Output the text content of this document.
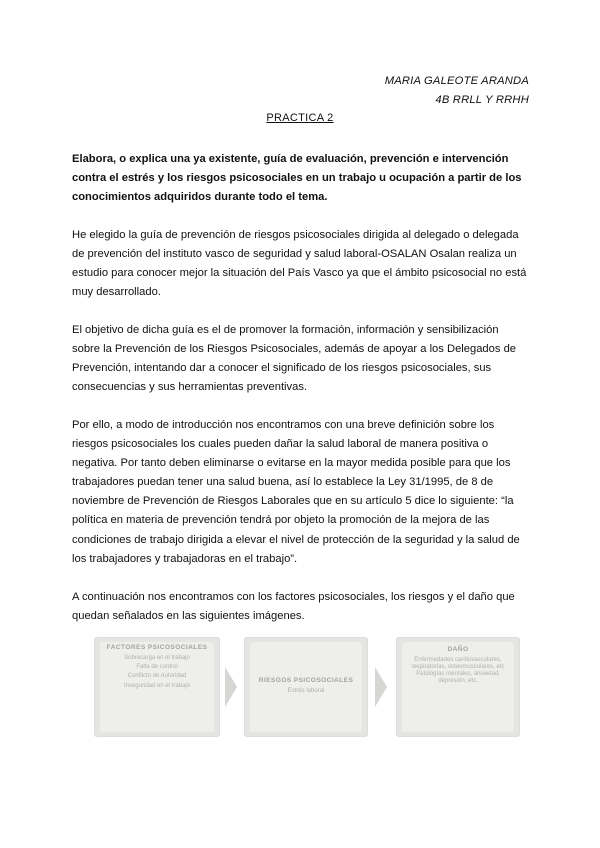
MARIA GALEOTE ARANDA
4B RRLL Y RRHH
PRACTICA 2

Elabora, o explica una ya existente, guía de evaluación, prevención e intervención contra el estrés y los riesgos psicosociales en un trabajo u ocupación a partir de los conocimientos adquiridos durante todo el tema.

He elegido la guía de prevención de riesgos psicosociales dirigida al delegado o delegada de prevención del instituto vasco de seguridad y salud laboral-OSALAN Osalan realiza un estudio para conocer mejor la situación del País Vasco ya que el ámbito psicosocial no está muy desarrollado.

El objetivo de dicha guía es el de promover la formación, información y sensibilización sobre la Prevención de los Riesgos Psicosociales, además de apoyar a los Delegados de Prevención, intentando dar a conocer el significado de los riesgos psicosociales, sus consecuencias y sus herramientas preventivas.

Por ello, a modo de introducción nos encontramos con una breve definición sobre los riesgos psicosociales los cuales pueden dañar la salud laboral de manera positiva o negativa. Por tanto deben eliminarse o evitarse en la mayor medida posible para que los trabajadores puedan tener una salud buena, así lo establece la Ley 31/1995, de 8 de noviembre de Prevención de Riesgos Laborales que en su artículo 5 dice lo siguiente: “la política en materia de prevención tendrá por objeto la promoción de la mejora de las condiciones de trabajo dirigida a elevar el nivel de protección de la seguridad y la salud de los trabajadores y trabajadoras en el trabajo”.

A continuación nos encontramos con los factores psicosociales, los riesgos y el daño que quedan señalados en las siguientes imágenes.

FACTORES PSICOSOCIALES
Sobrecarga en el trabajo
Falta de control
Conflicto de Autoridad
Inseguridad en el trabajo
RIESGOS PSICOSOCIALES
Estrés laboral
DAÑO
Enfermedades cardiovasculares, respiratorias, osteomusculares, etc
Patologías mentales, ansiedad, depresión, etc.
